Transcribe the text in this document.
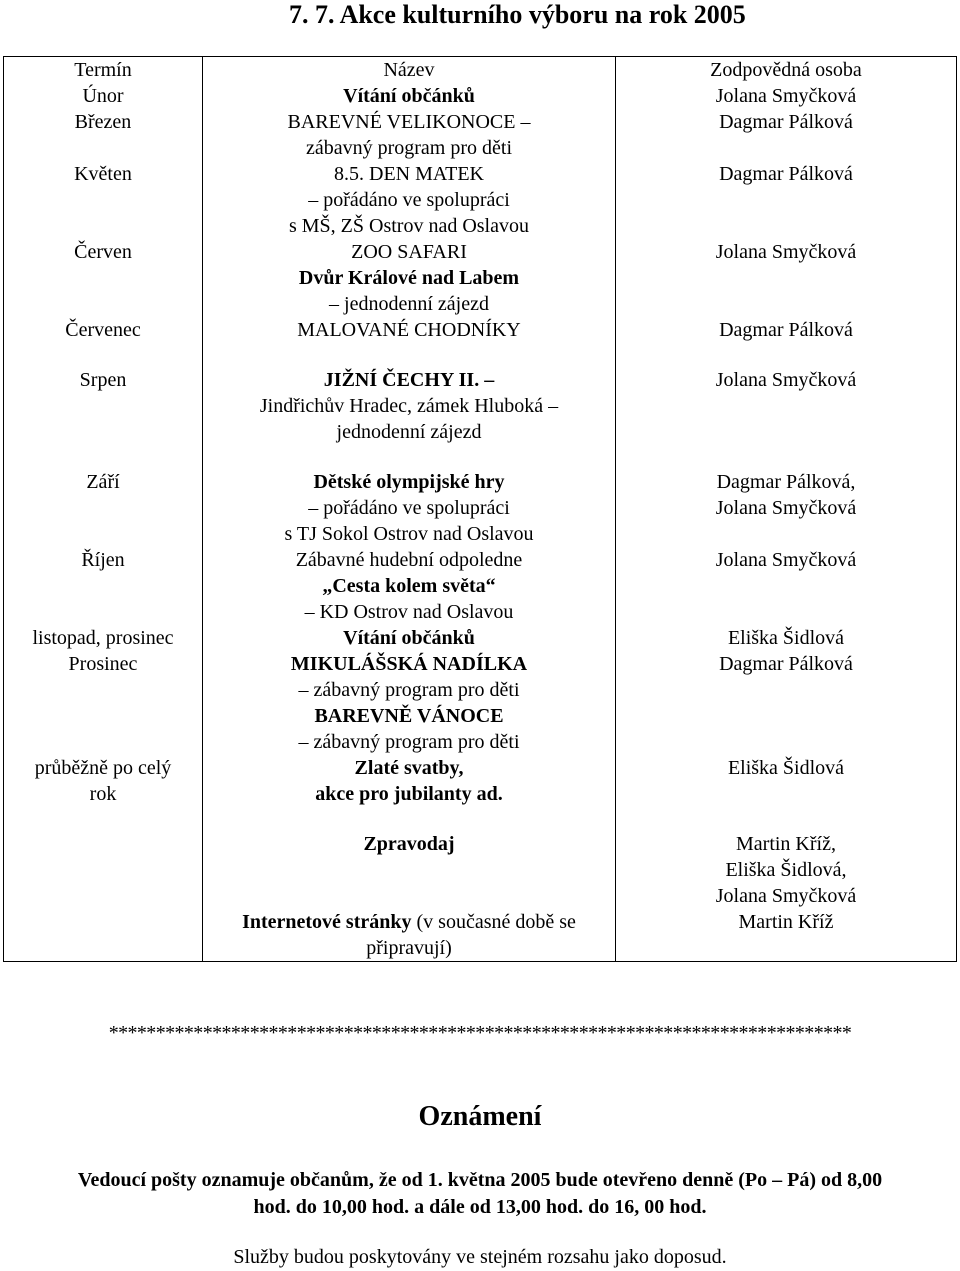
7. 7. Akce kulturního výboru na rok 2005
Termín	Název	Zodpovědná osoba

Únor	Vítání občánků	Jolana Smyčková

Březen	BAREVNÉ VELIKONOCE –
zábavný program pro děti	Dagmar Pálková

Květen	8.5. DEN MATEK
– pořádáno ve spolupráci
s MŠ, ZŠ Ostrov nad Oslavou	Dagmar Pálková

Červen	ZOO SAFARI
Dvůr Králové nad Labem
– jednodenní zájezd	Jolana Smyčková

Červenec	MALOVANÉ CHODNÍKY	Dagmar Pálková

Srpen	JIŽNÍ ČECHY II. –
Jindřichův Hradec, zámek Hluboká –
jednodenní zájezd	Jolana Smyčková

Září	Dětské olympijské hry
– pořádáno ve spolupráci
s TJ Sokol Ostrov nad Oslavou	Dagmar Pálková,
Jolana Smyčková

Říjen	Zábavné hudební odpoledne
„Cesta kolem světa“
– KD Ostrov nad Oslavou	Jolana Smyčková

listopad, prosinec	Vítání občánků	Eliška Šidlová

Prosinec	MIKULÁŠSKÁ NADÍLKA
– zábavný program pro děti
BAREVNĚ VÁNOCE
– zábavný program pro děti	Dagmar Pálková

průběžně po celý
rok	Zlaté svatby,
akce pro jubilanty ad.	Eliška Šidlová

	Zpravodaj	Martin Kříž,
Eliška Šidlová,
Jolana Smyčková

	Internetové stránky (v současné době se
připravují)	Martin Kříž
*******************************************************************************
Oznámení
Vedoucí pošty oznamuje občanům, že od 1. května 2005 bude otevřeno denně (Po – Pá) od 8,00
hod. do 10,00 hod. a dále od 13,00 hod. do 16, 00 hod.
Služby budou poskytovány ve stejném rozsahu jako doposud.
